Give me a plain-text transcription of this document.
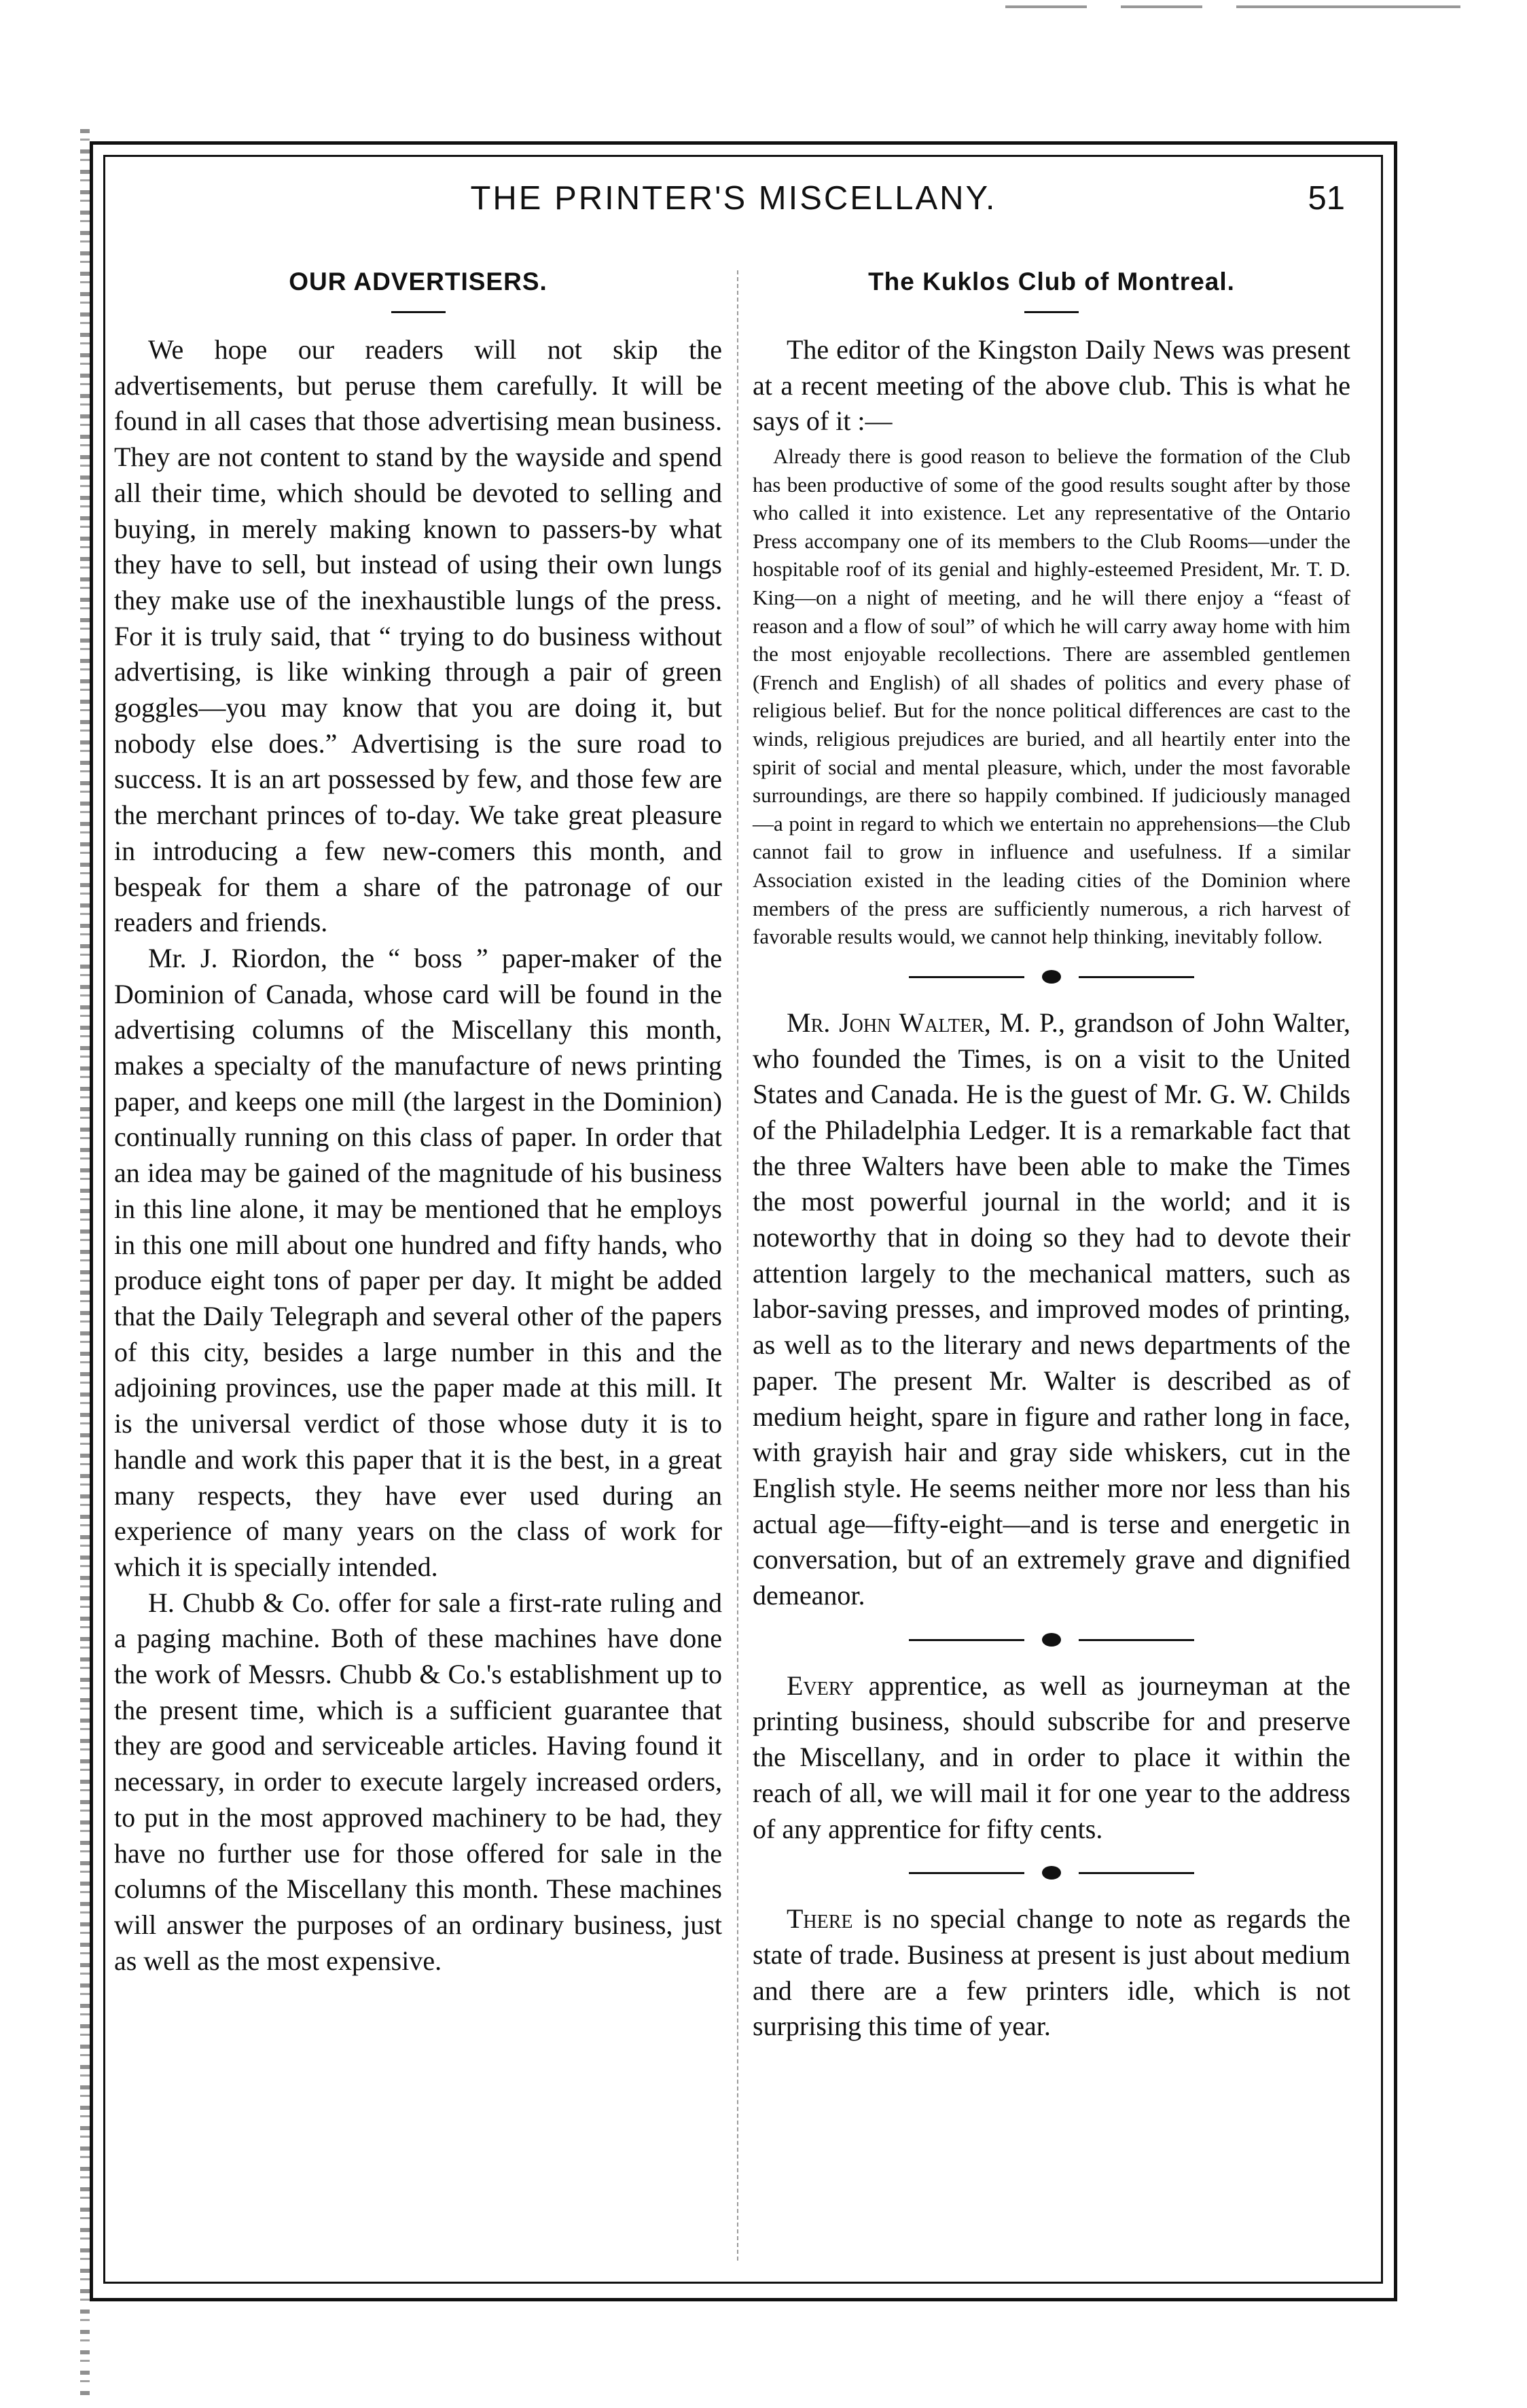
THE PRINTER'S MISCELLANY.	51
OUR ADVERTISERS.

We hope our readers will not skip the advertisements, but peruse them carefully. It will be found in all cases that those advertising mean business. They are not content to stand by the wayside and spend all their time, which should be devoted to selling and buying, in merely making known to passers-by what they have to sell, but instead of using their own lungs they make use of the inexhaustible lungs of the press. For it is truly said, that “ trying to do business without advertising, is like winking through a pair of green goggles—you may know that you are doing it, but nobody else does.” Advertising is the sure road to success. It is an art possessed by few, and those few are the merchant princes of to-day. We take great pleasure in introducing a few new-comers this month, and bespeak for them a share of the patronage of our readers and friends.

Mr. J. Riordon, the “ boss ” paper-maker of the Dominion of Canada, whose card will be found in the advertising columns of the Miscellany this month, makes a specialty of the manufacture of news printing paper, and keeps one mill (the largest in the Dominion) continually running on this class of paper. In order that an idea may be gained of the magnitude of his business in this line alone, it may be mentioned that he employs in this one mill about one hundred and fifty hands, who produce eight tons of paper per day. It might be added that the Daily Telegraph and several other of the papers of this city, besides a large number in this and the adjoining provinces, use the paper made at this mill. It is the universal verdict of those whose duty it is to handle and work this paper that it is the best, in a great many respects, they have ever used during an experience of many years on the class of work for which it is specially intended.

H. Chubb & Co. offer for sale a first-rate ruling and a paging machine. Both of these machines have done the work of Messrs. Chubb & Co.'s establishment up to the present time, which is a sufficient guarantee that they are good and serviceable articles. Having found it necessary, in order to execute largely increased orders, to put in the most approved machinery to be had, they have no further use for those offered for sale in the columns of the Miscellany this month. These machines will answer the purposes of an ordinary business, just as well as the most expensive.

The Kuklos Club of Montreal.

The editor of the Kingston Daily News was present at a recent meeting of the above club. This is what he says of it :—

Already there is good reason to believe the formation of the Club has been productive of some of the good results sought after by those who called it into existence. Let any representative of the Ontario Press accompany one of its members to the Club Rooms—under the hospitable roof of its genial and highly-esteemed President, Mr. T. D. King—on a night of meeting, and he will there enjoy a “feast of reason and a flow of soul” of which he will carry away home with him the most enjoyable recollections. There are assembled gentlemen (French and English) of all shades of politics and every phase of religious belief. But for the nonce political differences are cast to the winds, religious prejudices are buried, and all heartily enter into the spirit of social and mental pleasure, which, under the most favorable surroundings, are there so happily combined. If judiciously managed—a point in regard to which we entertain no apprehensions—the Club cannot fail to grow in influence and usefulness. If a similar Association existed in the leading cities of the Dominion where members of the press are sufficiently numerous, a rich harvest of favorable results would, we cannot help thinking, inevitably follow.

Mr. John Walter, M. P., grandson of John Walter, who founded the Times, is on a visit to the United States and Canada. He is the guest of Mr. G. W. Childs of the Philadelphia Ledger. It is a remarkable fact that the three Walters have been able to make the Times the most powerful journal in the world; and it is noteworthy that in doing so they had to devote their attention largely to the mechanical matters, such as labor-saving presses, and improved modes of printing, as well as to the literary and news departments of the paper. The present Mr. Walter is described as of medium height, spare in figure and rather long in face, with grayish hair and gray side whiskers, cut in the English style. He seems neither more nor less than his actual age—fifty-eight—and is terse and energetic in conversation, but of an extremely grave and dignified demeanor.

Every apprentice, as well as journeyman at the printing business, should subscribe for and preserve the Miscellany, and in order to place it within the reach of all, we will mail it for one year to the address of any apprentice for fifty cents.

There is no special change to note as regards the state of trade. Business at present is just about medium and there are a few printers idle, which is not surprising this time of year.
